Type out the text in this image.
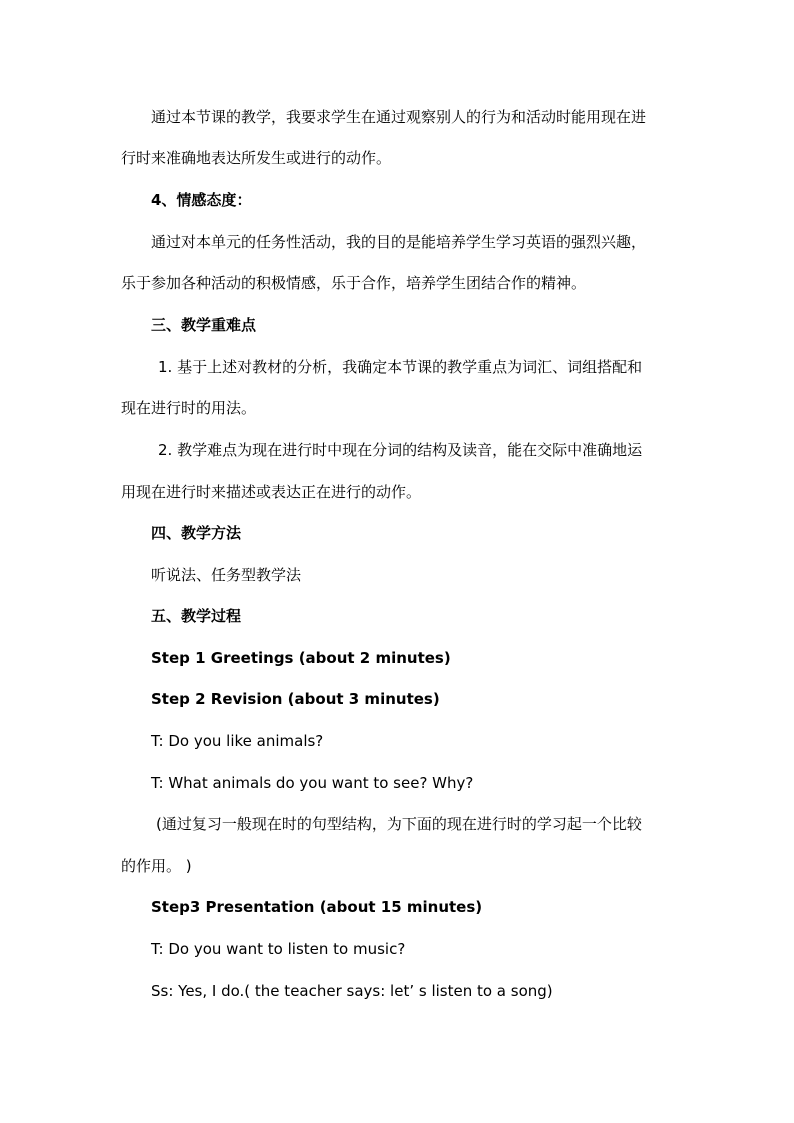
通过本节课的教学，我要求学生在通过观察别人的行为和活动时能用现在进
行时来准确地表达所发生或进行的动作。
4、情感态度：
通过对本单元的任务性活动，我的目的是能培养学生学习英语的强烈兴趣，
乐于参加各种活动的积极情感，乐于合作，培养学生团结合作的精神。
三、教学重难点
1. 基于上述对教材的分析，我确定本节课的教学重点为词汇、词组搭配和
现在进行时的用法。
2. 教学难点为现在进行时中现在分词的结构及读音，能在交际中准确地运
用现在进行时来描述或表达正在进行的动作。
四、教学方法
听说法、任务型教学法
五、教学过程
Step 1 Greetings (about 2 minutes)
Step 2 Revision (about 3 minutes)
T: Do you like animals?
T: What animals do you want to see? Why?
(通过复习一般现在时的句型结构，为下面的现在进行时的学习起一个比较
的作用。 )
Step3 Presentation (about 15 minutes)
T: Do you want to listen to music?
Ss: Yes, I do.( the teacher says: let’ s listen to a song)
